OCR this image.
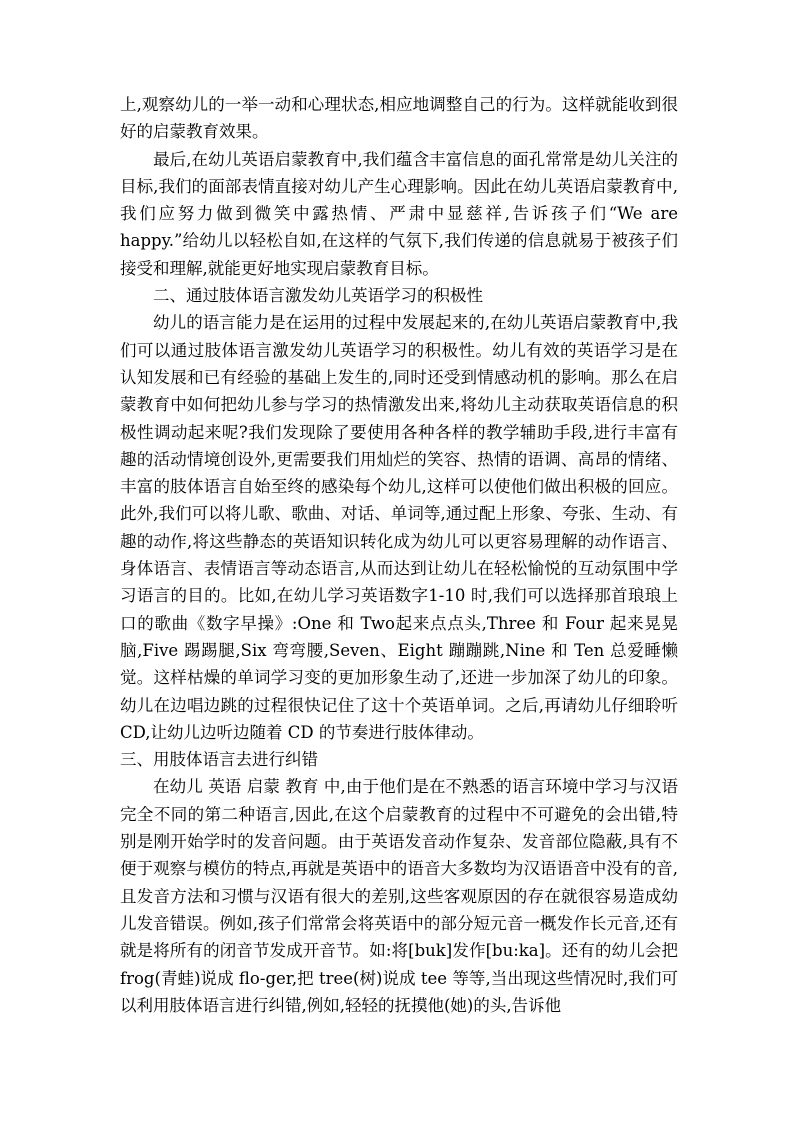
上,观察幼儿的一举一动和心理状态,相应地调整自己的行为。这样就能收到很好的启蒙教育效果。

最后,在幼儿英语启蒙教育中,我们蕴含丰富信息的面孔常常是幼儿关注的目标,我们的面部表情直接对幼儿产生心理影响。因此在幼儿英语启蒙教育中,我们应努力做到微笑中露热情、严肃中显慈祥,告诉孩子们“We are happy.”给幼儿以轻松自如,在这样的气氛下,我们传递的信息就易于被孩子们接受和理解,就能更好地实现启蒙教育目标。

二、通过肢体语言激发幼儿英语学习的积极性

幼儿的语言能力是在运用的过程中发展起来的,在幼儿英语启蒙教育中,我们可以通过肢体语言激发幼儿英语学习的积极性。幼儿有效的英语学习是在认知发展和已有经验的基础上发生的,同时还受到情感动机的影响。那么在启蒙教育中如何把幼儿参与学习的热情激发出来,将幼儿主动获取英语信息的积极性调动起来呢?我们发现除了要使用各种各样的教学辅助手段,进行丰富有趣的活动情境创设外,更需要我们用灿烂的笑容、热情的语调、高昂的情绪、丰富的肢体语言自始至终的感染每个幼儿,这样可以使他们做出积极的回应。此外,我们可以将儿歌、歌曲、对话、单词等,通过配上形象、夸张、生动、有趣的动作,将这些静态的英语知识转化成为幼儿可以更容易理解的动作语言、身体语言、表情语言等动态语言,从而达到让幼儿在轻松愉悦的互动氛围中学习语言的目的。比如,在幼儿学习英语数字1-10 时,我们可以选择那首琅琅上口的歌曲《数字早操》:One 和 Two起来点点头,Three 和 Four 起来晃晃脑,Five 踢踢腿,Six 弯弯腰,Seven、Eight 蹦蹦跳,Nine 和 Ten 总爱睡懒觉。这样枯燥的单词学习变的更加形象生动了,还进一步加深了幼儿的印象。幼儿在边唱边跳的过程很快记住了这十个英语单词。之后,再请幼儿仔细聆听 CD,让幼儿边听边随着 CD 的节奏进行肢体律动。

三、用肢体语言去进行纠错

在幼儿 英语 启蒙 教育 中,由于他们是在不熟悉的语言环境中学习与汉语完全不同的第二种语言,因此,在这个启蒙教育的过程中不可避免的会出错,特别是刚开始学时的发音问题。由于英语发音动作复杂、发音部位隐蔽,具有不便于观察与模仿的特点,再就是英语中的语音大多数均为汉语语音中没有的音,且发音方法和习惯与汉语有很大的差别,这些客观原因的存在就很容易造成幼儿发音错误。例如,孩子们常常会将英语中的部分短元音一概发作长元音,还有就是将所有的闭音节发成开音节。如:将[buk]发作[bu:ka]。还有的幼儿会把frog(青蛙)说成 flo-ger,把 tree(树)说成 tee 等等,当出现这些情况时,我们可以利用肢体语言进行纠错,例如,轻轻的抚摸他(她)的头,告诉他
